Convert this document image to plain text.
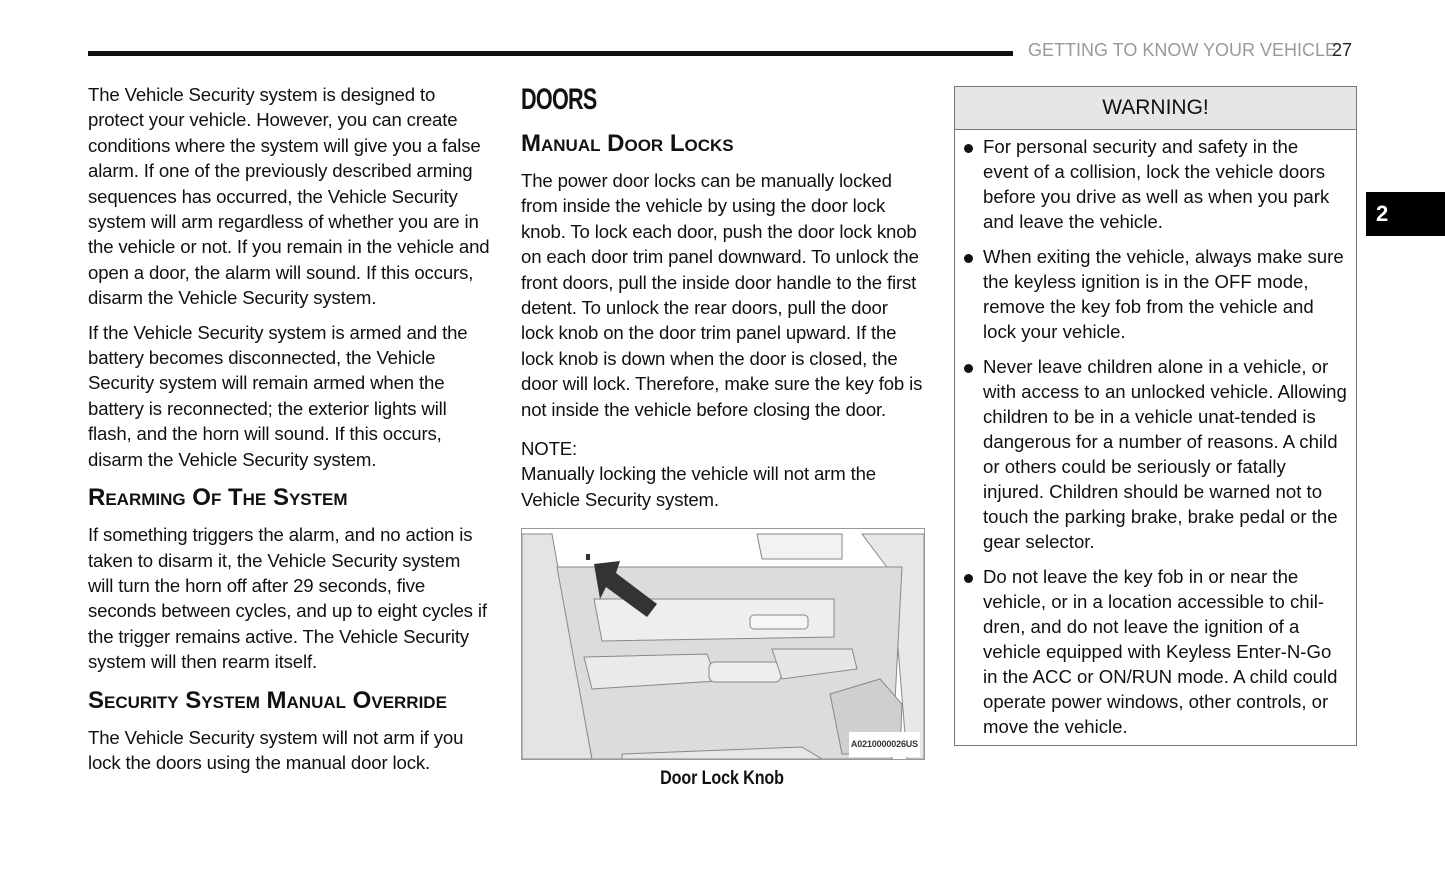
GETTING TO KNOW YOUR VEHICLE
27
2

The Vehicle Security system is designed to protect your vehicle. However, you can create conditions where the system will give you a false alarm. If one of the previously described arming sequences has occurred, the Vehicle Security system will arm regardless of whether you are in the vehicle or not. If you remain in the vehicle and open a door, the alarm will sound. If this occurs, disarm the Vehicle Security system.

If the Vehicle Security system is armed and the battery becomes disconnected, the Vehicle Security system will remain armed when the battery is reconnected; the exterior lights will flash, and the horn will sound. If this occurs, disarm the Vehicle Security system.

Rearming Of The System

If something triggers the alarm, and no action is taken to disarm it, the Vehicle Security system will turn the horn off after 29 seconds, five seconds between cycles, and up to eight cycles if the trigger remains active. The Vehicle Security system will then rearm itself.

Security System Manual Override

The Vehicle Security system will not arm if you lock the doors using the manual door lock.

DOORS
Manual Door Locks

The power door locks can be manually locked from inside the vehicle by using the door lock knob. To lock each door, push the door lock knob on each door trim panel downward. To unlock the front doors, pull the inside door handle to the first detent. To unlock the rear doors, pull the door lock knob on the door trim panel upward. If the lock knob is down when the door is closed, the door will lock. Therefore, make sure the key fob is not inside the vehicle before closing the door.

NOTE:
Manually locking the vehicle will not arm the Vehicle Security system.
A0210000026US
Door Lock Knob
WARNING!
For personal security and safety in the event of a collision, lock the vehicle doors before you drive as well as when you park and leave the vehicle.
When exiting the vehicle, always make sure the keyless ignition is in the OFF mode, remove the key fob from the vehicle and lock your vehicle.
Never leave children alone in a vehicle, or with access to an unlocked vehicle. Allowing children to be in a vehicle unat-tended is dangerous for a number of reasons. A child or others could be seriously or fatally injured. Children should be warned not to touch the parking brake, brake pedal or the gear selector.
Do not leave the key fob in or near the vehicle, or in a location accessible to chil-dren, and do not leave the ignition of a vehicle equipped with Keyless Enter-N-Go in the ACC or ON/RUN mode. A child could operate power windows, other controls, or move the vehicle.
